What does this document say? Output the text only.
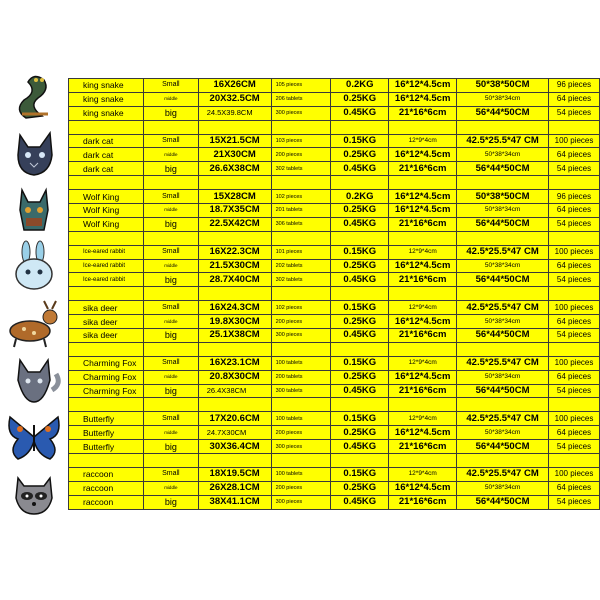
king snake	Small	16X26CM	105 pieces	0.2KG	16*12*4.5cm	50*38*50CM	96 pieces
king snake	middle	20X32.5CM	206 tablets	0.25KG	16*12*4.5cm	50*38*34cm	64 pieces
king snake	big	24.5X39.8CM	300 pieces	0.45KG	21*16*6cm	56*44*50CM	54 pieces

dark cat	Small	15X21.5CM	103 pieces	0.15KG	12*9*4cm	42.5*25.5*47 CM	100 pieces
dark cat	middle	21X30CM	200 pieces	0.25KG	16*12*4.5cm	50*38*34cm	64 pieces
dark cat	big	26.6X38CM	302 tablets	0.45KG	21*16*6cm	56*44*50CM	54 pieces

Wolf King	Small	15X28CM	102 pieces	0.2KG	16*12*4.5cm	50*38*50CM	96 pieces
Wolf King	middle	18.7X35CM	201 tablets	0.25KG	16*12*4.5cm	50*38*34cm	64 pieces
Wolf King	big	22.5X42CM	306 tablets	0.45KG	21*16*6cm	56*44*50CM	54 pieces

Ice-eared rabbit	Small	16X22.3CM	101 pieces	0.15KG	12*9*4cm	42.5*25.5*47 CM	100 pieces
Ice-eared rabbit	middle	21.5X30CM	202 tablets	0.25KG	16*12*4.5cm	50*38*34cm	64 pieces
Ice-eared rabbit	big	28.7X40CM	302 tablets	0.45KG	21*16*6cm	56*44*50CM	54 pieces

sika deer	Small	16X24.3CM	102 pieces	0.15KG	12*9*4cm	42.5*25.5*47 CM	100 pieces
sika deer	middle	19.8X30CM	200 pieces	0.25KG	16*12*4.5cm	50*38*34cm	64 pieces
sika deer	big	25.1X38CM	300 pieces	0.45KG	21*16*6cm	56*44*50CM	54 pieces

Charming Fox	Small	16X23.1CM	100 tablets	0.15KG	12*9*4cm	42.5*25.5*47 CM	100 pieces
Charming Fox	middle	20.8X30CM	200 tablets	0.25KG	16*12*4.5cm	50*38*34cm	64 pieces
Charming Fox	big	26.4X38CM	300 tablets	0.45KG	21*16*6cm	56*44*50CM	54 pieces

Butterfly	Small	17X20.6CM	100 tablets	0.15KG	12*9*4cm	42.5*25.5*47 CM	100 pieces
Butterfly	middle	24.7X30CM	200 pieces	0.25KG	16*12*4.5cm	50*38*34cm	64 pieces
Butterfly	big	30X36.4CM	300 pieces	0.45KG	21*16*6cm	56*44*50CM	54 pieces

raccoon	Small	18X19.5CM	100 tablets	0.15KG	12*9*4cm	42.5*25.5*47 CM	100 pieces
raccoon	middle	26X28.1CM	200 pieces	0.25KG	16*12*4.5cm	50*38*34cm	64 pieces
raccoon	big	38X41.1CM	300 pieces	0.45KG	21*16*6cm	56*44*50CM	54 pieces
